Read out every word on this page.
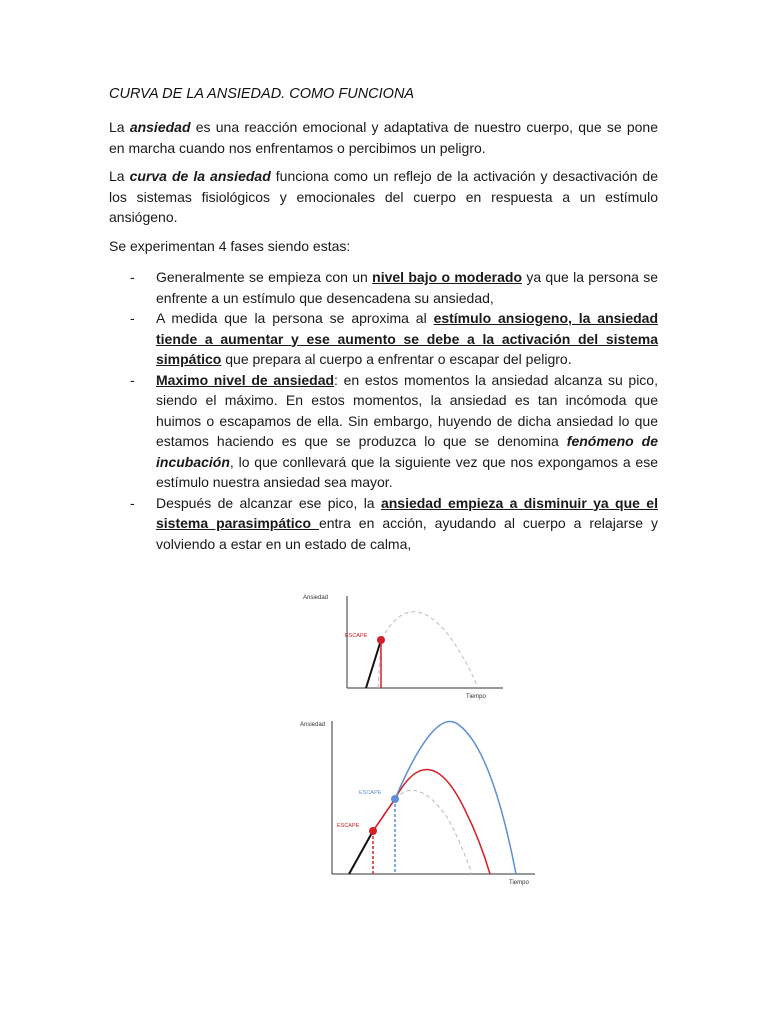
CURVA DE LA ANSIEDAD. COMO FUNCIONA
La ansiedad es una reacción emocional y adaptativa de nuestro cuerpo, que se pone en marcha cuando nos enfrentamos o percibimos un peligro.
La curva de la ansiedad funciona como un reflejo de la activación y desactivación de los sistemas fisiológicos y emocionales del cuerpo en respuesta a un estímulo ansiógeno.
Se experimentan 4 fases siendo estas:
- Generalmente se empieza con un nivel bajo o moderado ya que la persona se enfrente a un estímulo que desencadena su ansiedad,
- A medida que la persona se aproxima al estímulo ansiogeno, la ansiedad tiende a aumentar y ese aumento se debe a la activación del sistema simpático que prepara al cuerpo a enfrentar o escapar del peligro.
- Maximo nivel de ansiedad: en estos momentos la ansiedad alcanza su pico, siendo el máximo. En estos momentos, la ansiedad es tan incómoda que huimos o escapamos de ella. Sin embargo, huyendo de dicha ansiedad lo que estamos haciendo es que se produzca lo que se denomina fenómeno de incubación, lo que conllevará que la siguiente vez que nos expongamos a ese estímulo nuestra ansiedad sea mayor.
- Después de alcanzar ese pico, la ansiedad empieza a disminuir ya que el sistema parasimpático entra en acción, ayudando al cuerpo a relajarse y volviendo a estar en un estado de calma,
Ansiedad
Tiempo
ESCAPE
Ansiedad
Tiempo
ESCAPE
ESCAPE
